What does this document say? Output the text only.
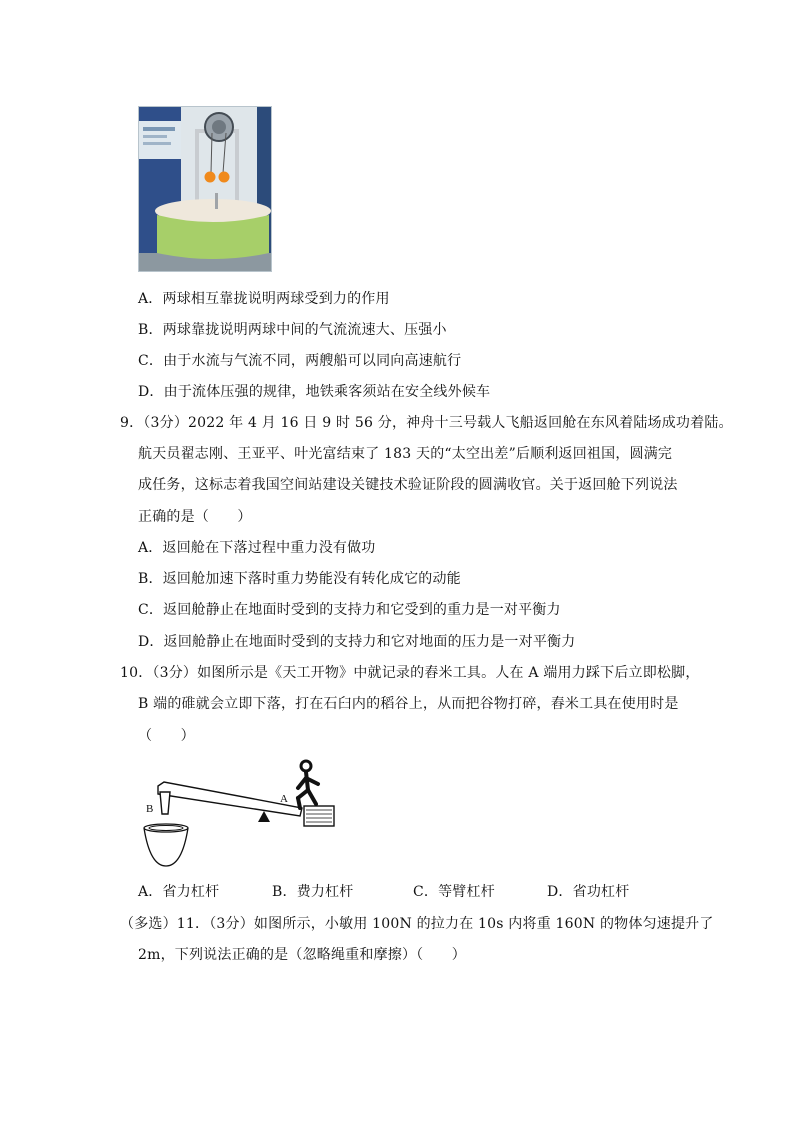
A．两球相互靠拢说明两球受到力的作用
B．两球靠拢说明两球中间的气流流速大、压强小
C．由于水流与气流不同，两艘船可以同向高速航行
D．由于流体压强的规律，地铁乘客须站在安全线外候车
9．（3分）2022 年 4 月 16 日 9 时 56 分，神舟十三号载人飞船返回舱在东风着陆场成功着陆。
航天员翟志刚、王亚平、叶光富结束了 183 天的“太空出差”后顺利返回祖国，圆满完
成任务，这标志着我国空间站建设关键技术验证阶段的圆满收官。关于返回舱下列说法
正确的是（　　）
A．返回舱在下落过程中重力没有做功
B．返回舱加速下落时重力势能没有转化成它的动能
C．返回舱静止在地面时受到的支持力和它受到的重力是一对平衡力
D．返回舱静止在地面时受到的支持力和它对地面的压力是一对平衡力
10．（3分）如图所示是《天工开物》中就记录的舂米工具。人在 A 端用力踩下后立即松脚，
B 端的碓就会立即下落，打在石臼内的稻谷上，从而把谷物打碎，舂米工具在使用时是
（　　）
B
A
A．省力杠杆	B．费力杠杆	C．等臂杠杆	D．省功杠杆
（多选）11．（3分）如图所示，小敏用 100N 的拉力在 10s 内将重 160N 的物体匀速提升了
2m，下列说法正确的是（忽略绳重和摩擦）（　　）
